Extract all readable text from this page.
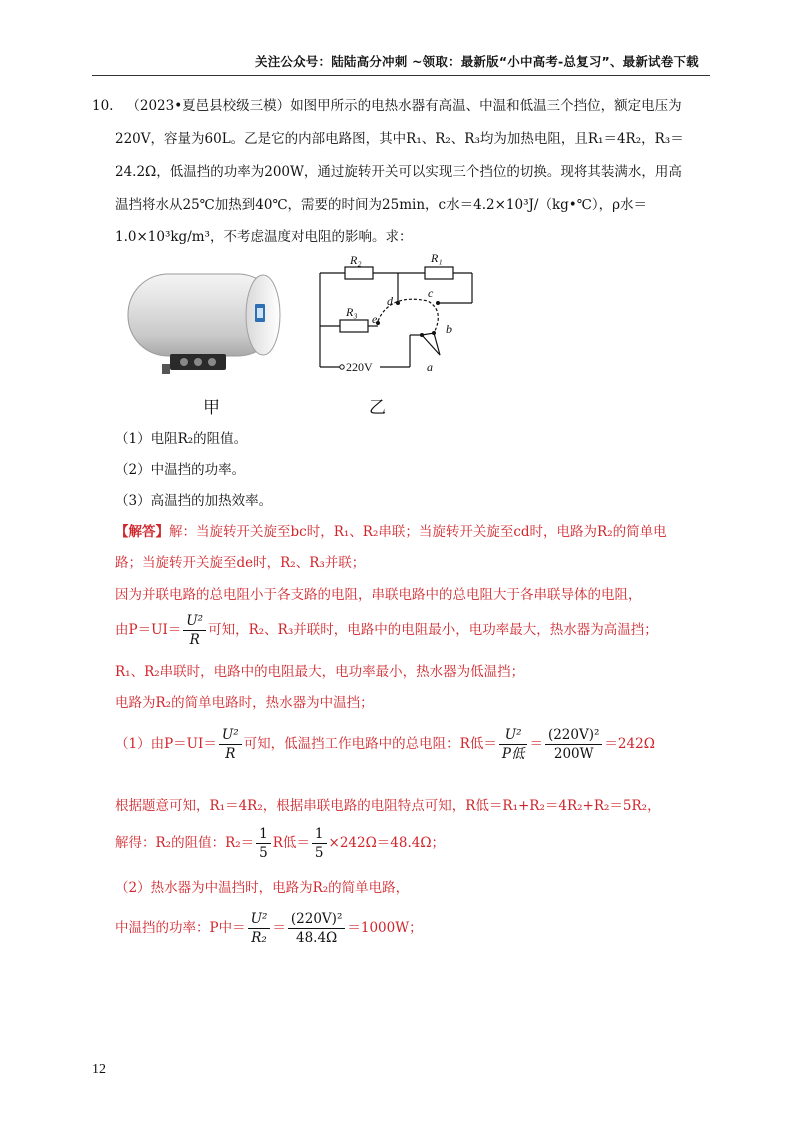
关注公众号：陆陆高分冲刺 ~领取：最新版“小中高考-总复习”、最新试卷下载
10. （2023•夏邑县校级三模）如图甲所示的电热水器有高温、中温和低温三个挡位，额定电压为
220V，容量为60L。乙是它的内部电路图，其中R₁、R₂、R₃均为加热电阻，且R₁＝4R₂，R₃＝
24.2Ω，低温挡的功率为200W，通过旋转开关可以实现三个挡位的切换。现将其装满水，用高
温挡将水从25℃加热到40℃，需要的时间为25min，c水＝4.2×10³J/（kg•℃），ρ水＝
1.0×10³kg/m³，不考虑温度对电阻的影响。求：
甲
R₂	R₁
R₃
d
c
e
b
a
220V
乙
（1）电阻R₂的阻值。
（2）中温挡的功率。
（3）高温挡的加热效率。
【解答】解：当旋转开关旋至bc时，R₁、R₂串联；当旋转开关旋至cd时，电路为R₂的简单电
路；当旋转开关旋至de时，R₂、R₃并联；
因为并联电路的总电阻小于各支路的电阻，串联电路中的总电阻大于各串联导体的电阻，
由$P=UI= \frac{\text{U²}}{R}$ 可知，R₂、R₃并联时，电路中的电阻最小，电功率最大，热水器为高温挡；
R₁、R₂串联时，电路中的电阻最大，电功率最小，热水器为低温挡；
电路为R₂的简单电路时，热水器为中温挡；
（1）由$P=UI= \frac{\text{U²}}{R}$ 可知，低温挡工作电路中的总电阻：R低＝ $\frac{\text{U²}}{\text{P低}} = \frac{\text{(220V)²}}{200W} =242\Omega$
根据题意可知，R₁＝4R₂，根据串联电路的电阻特点可知，R低＝R₁+R₂＝4R₂+R₂＝5R₂，
解得：R₂的阻值：$R_2= \frac{1}{5}$ R低＝ $\frac{1}{5} \times 242\Omega=48.4\Omega$；
（2）热水器为中温挡时，电路为R₂的简单电路，
中温挡的功率：P中＝ $\frac{\text{U²}}{\text{R₂}} = \frac{\text{(220V)²}}{48.4\Omega} =1000W$；
12
